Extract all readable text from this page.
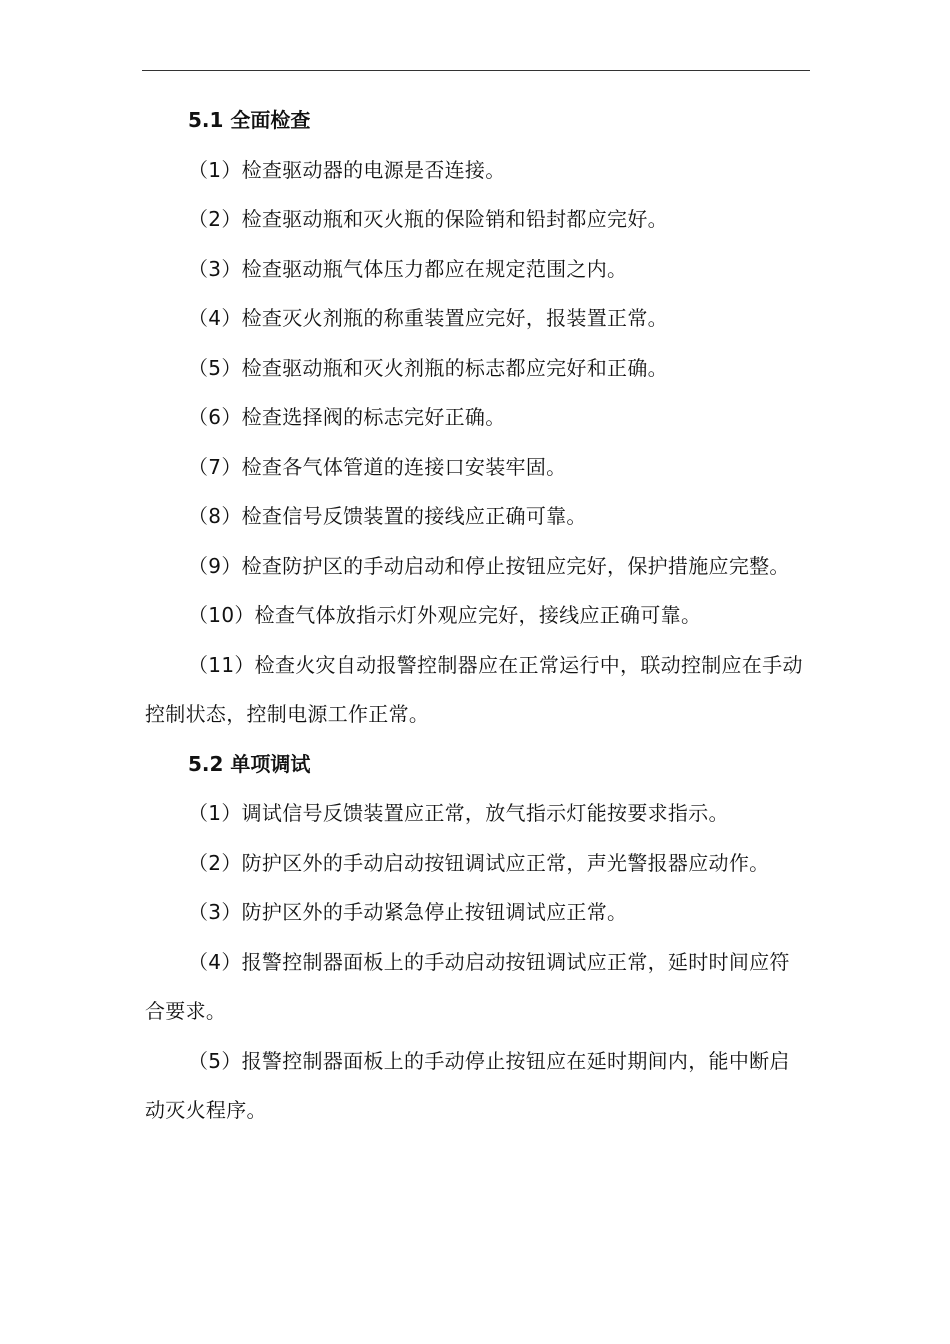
5.1 全面检查

（1）检查驱动器的电源是否连接。

（2）检查驱动瓶和灭火瓶的保险销和铅封都应完好。

（3）检查驱动瓶气体压力都应在规定范围之内。

（4）检查灭火剂瓶的称重装置应完好，报装置正常。

（5）检查驱动瓶和灭火剂瓶的标志都应完好和正确。

（6）检查选择阀的标志完好正确。

（7）检查各气体管道的连接口安装牢固。

（8）检查信号反馈装置的接线应正确可靠。

（9）检查防护区的手动启动和停止按钮应完好，保护措施应完整。

（10）检查气体放指示灯外观应完好，接线应正确可靠。

（11）检查火灾自动报警控制器应在正常运行中，联动控制应在手动控制状态，控制电源工作正常。

5.2 单项调试

（1）调试信号反馈装置应正常，放气指示灯能按要求指示。

（2）防护区外的手动启动按钮调试应正常，声光警报器应动作。

（3）防护区外的手动紧急停止按钮调试应正常。

（4）报警控制器面板上的手动启动按钮调试应正常，延时时间应符合要求。

（5）报警控制器面板上的手动停止按钮应在延时期间内，能中断启动灭火程序。
